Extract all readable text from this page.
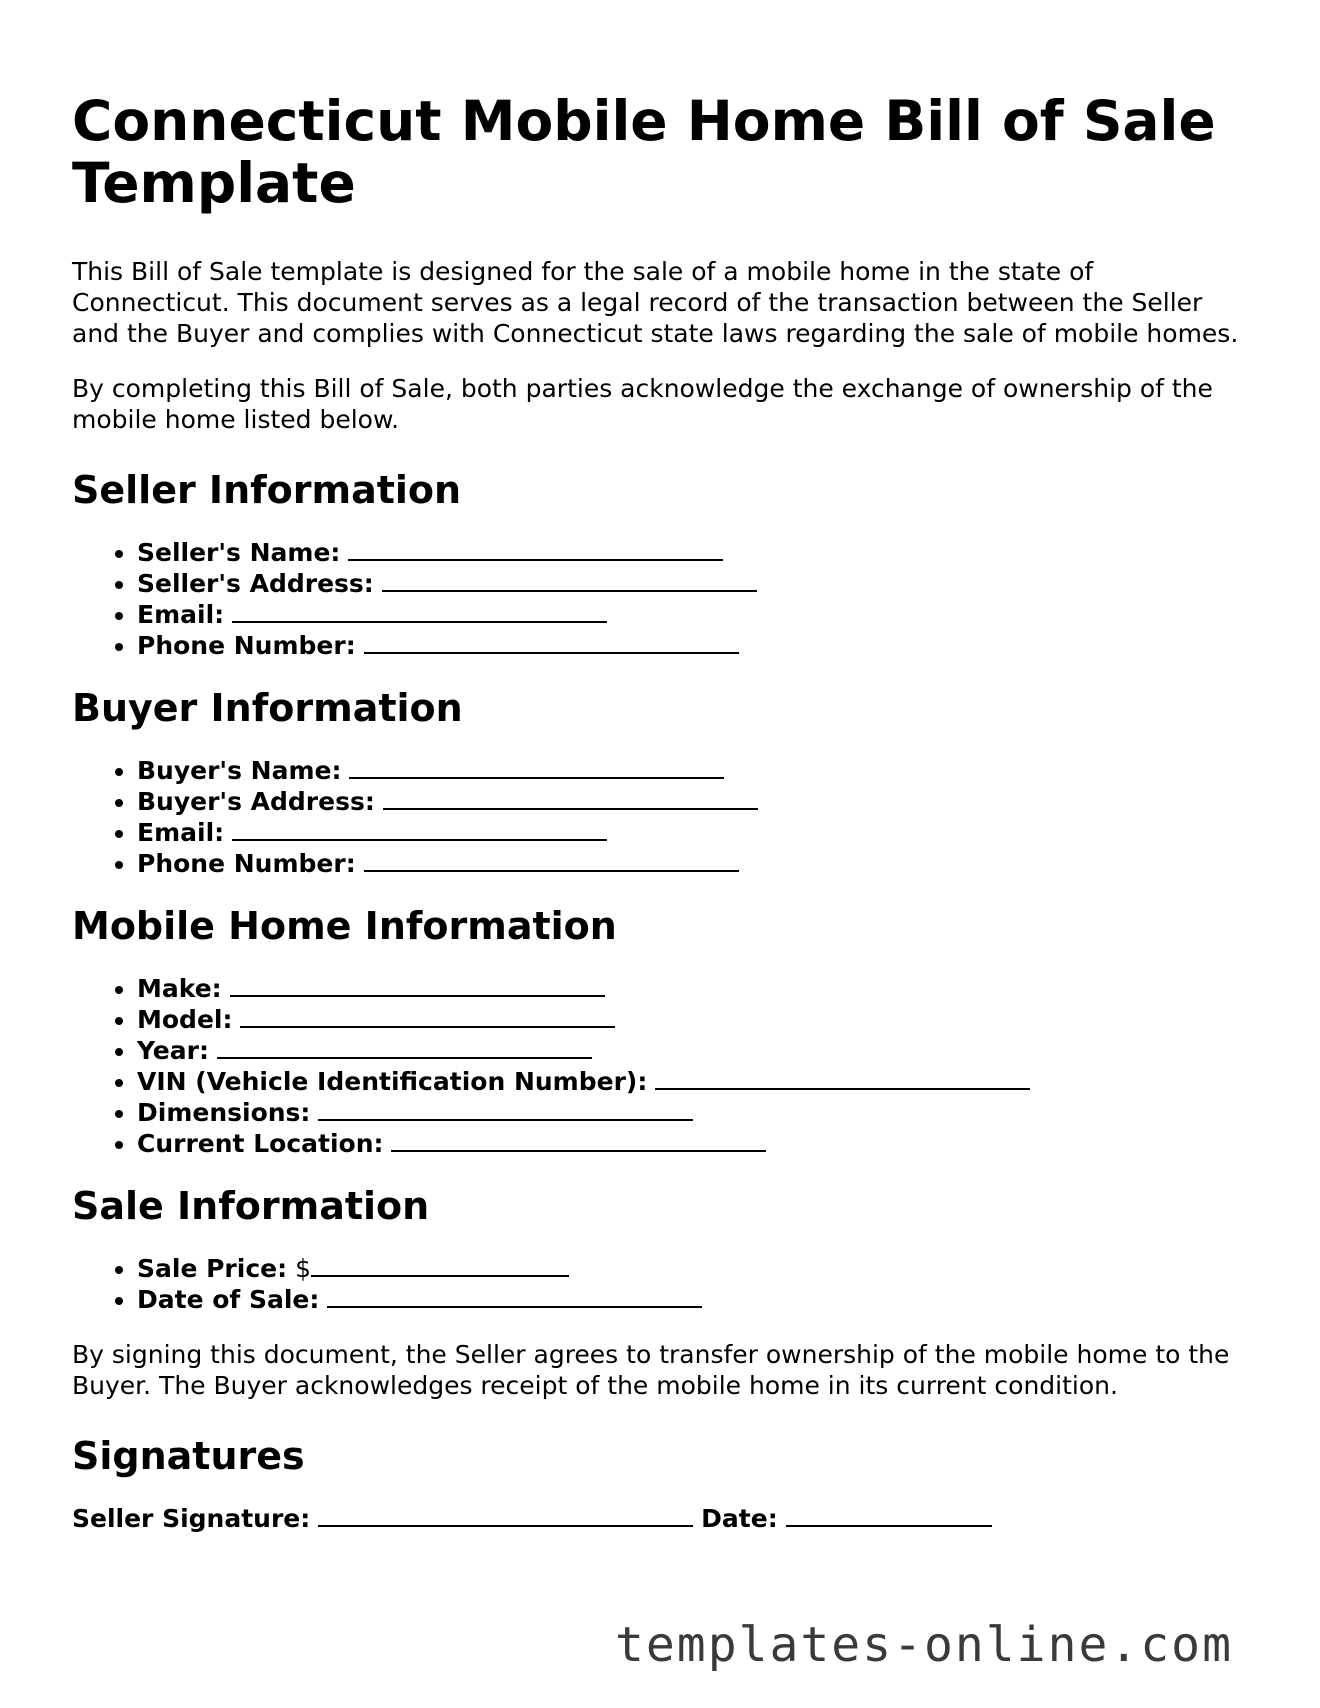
Connecticut Mobile Home Bill of Sale Template

This Bill of Sale template is designed for the sale of a mobile home in the state of Connecticut. This document serves as a legal record of the transaction between the Seller and the Buyer and complies with Connecticut state laws regarding the sale of mobile homes.

By completing this Bill of Sale, both parties acknowledge the exchange of ownership of the mobile home listed below.

Seller Information
• Seller's Name:
• Seller's Address:
• Email:
• Phone Number:
Buyer Information
• Buyer's Name:
• Buyer's Address:
• Email:
• Phone Number:
Mobile Home Information
• Make:
• Model:
• Year:
• VIN (Vehicle Identification Number):
• Dimensions:
• Current Location:
Sale Information
• Sale Price: $
• Date of Sale:

By signing this document, the Seller agrees to transfer ownership of the mobile home to the Buyer. The Buyer acknowledges receipt of the mobile home in its current condition.

Signatures
Seller Signature:	Date:
templates-online.com
